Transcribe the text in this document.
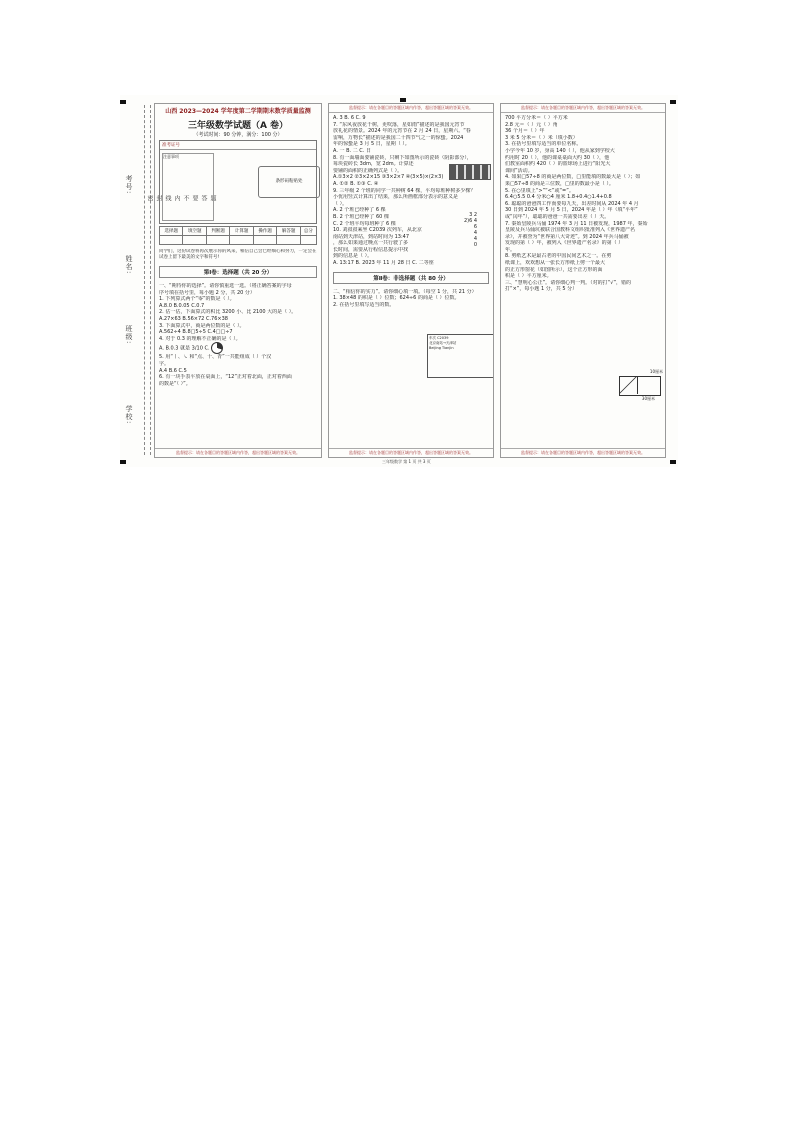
考号:
姓名:
班级:
学校:
题
答
要
不
内
线
封
密
山西 2023—2024 学年度第二学期期末数学质量监测
三年级数学试题（A 卷）
（考试时间：90 分钟，满分：100 分）
准考证号
注意事项
条形码粘贴处
选择题	填空题	判断题	计算题	操作题	解答题	总分

同学们，这份试卷将再次展示你的风采，相信自己会已经细心和努力，一定会在试卷上留下最美的文字和符号!

第Ⅰ卷：选择题（共 20 分）

一、“期待你的选择”。请你慎重选一选。（将正确答案的字母

序号填在括号里，每小题 2 分，共 20 分）

1. 下列算式两个“零”的数是（ ）。

A.8.0 B.0.05 C.0.7

2. 估一估，下面算式的积比 3200 小、比 2100 大的是（ ）。

A.27×63 B.56×72 C.76×38

3. 下面算式中，商是两位数的是（ ）。

A.562÷4 B.8□5÷5 C.4□□÷7

4. 对于 0.3 的理解不正确的是（ ）。

A. B.0.3 就是 3/10 C.

5. 用“丨、㇏ 和“点、十、青”一共能组成（ ）个汉

字。

A.4 B.6 C.5

6. 有一块手表平放在桌面上，“12”正对着北面，正对着西面

的数是“（ ）”。

监督提示：请在各题目的答题区域内作答，超出答题区域的答案无效。
监督提示：请在各题目的答题区域内作答，超出答题区域的答案无效。

A. 3 B. 6 C. 9

7. “东风夜放花千树，更吹落，星如雨”描述的是我国元宵节

放礼花的情景。2024 年的元宵节在 2 月 24 日，星期六。“春

雷响，万物长”描述的是我国二十四节气之一的惊蛰。2024

年的惊蛰是 3 月 5 日，星期（ ）。

A. 一 B. 二 C. 日

8. 有一面墙面要铺瓷砖，只剩下如图所示的瓷砖（阴影部分），

每块瓷砖长 3dm，宽 2dm。计算还

要铺的面积的正确列式是（ ）。

A.①3×2 ②3×2×15 ③3×2×7 ④(3×5)×(2×3)

A. ①② B. ①③ C. ④

9. 三年级 2 个班的同学一共种树 64 棵，平均每班种树多少棵？

小优用竖式计算出了结果，那么所画框部分表示的意义是

（ ）。

A. 2 个班已经种了 6 棵

B. 2 个班已经种了 60 棵

C. 2 个班平均每班种了 6 棵

10. 刘叔叔乘坐 C2039 次列车，从北京

南站到天津站，到站时间为 13:47

，那么如果通过晚点一共行驶了多

长时间，需要从行程信息提示中找

到的信息是（ ）。

A. 13:17 B. 2023 年 11 月 28 日 C. 二等座

3 2
2)6 4
6
4
4
0
车次 C2039
北京南站→天津站
Beijing Tianjin
第Ⅱ卷：非选择题（共 80 分）

二、“相信你的实力”。请你细心填一填。（每空 1 分，共 21 分）

1. 38×48 的积是（ ）位数；624÷6 的商是（ ）位数。

2. 在括号里填写适当的数。

监督提示：请在各题目的答题区域内作答，超出答题区域的答案无效。
监督提示：请在各题目的答题区域内作答，超出答题区域的答案无效。

700 平方分米＝（ ）平方米

2.8 元＝（ ）元（ ）角

36 个月＝（ ）年

3 米 5 分米＝（ ）米（填小数）

3. 在括号里填写适当的单位名称。

小学今年 10 岁，身高 140（ ），他从家到学校大

约用时 20（ ），他的课桌桌面大约 30（ ），他

们教室面积约 420（ ）的篮球场上进行“阳光大

课间”活动。

4. 如果□57÷8 的商是两位数，□里能填的数最大是（ ）；如

果□57÷8 的商是三位数，□里的数最小是（ ）。

5. 在○里填上“>”“<”或“=”。

6.4○5.5 0.4 分米○4 厘米 1.8+0.4○1.4+0.8

6. 聪聪的爸爸四工作而要每九天，出差时间从 2024 年 4 月

30 日到 2024 年 5 月 5 日，2024 年是（ ）年（填“平年”

或“闰年”），聪聪的爸爸一共需要出差（ ）天。

7. 秦始皇陵兵马俑 1974 年 3 月 11 日被发现，1987 年，秦始

皇陵及兵马俑坑被联合国教科文组织批准列入《世界遗产名

录》，并被誉为“世界第八大奇迹”。到 2024 年兵马俑被

发现的第（ ）年，被列入《世界遗产名录》的第（ ）

年。

8. 剪纸艺术是最古老的中国民间艺术之一。在剪

纸课上，欢欢想从一张长方形纸上剪一个最大

的正方形窗花（如图所示），这个正方形的面

积是（ ）平方厘米。

三、“慧明心公正”。请你细心判一判。（对的打“√”，错的

打“×”，每小题 1 分，共 5 分）

10厘米
30厘米
监督提示：请在各题目的答题区域内作答，超出答题区域的答案无效。
三年级数学 第 1 页 共 3 页
